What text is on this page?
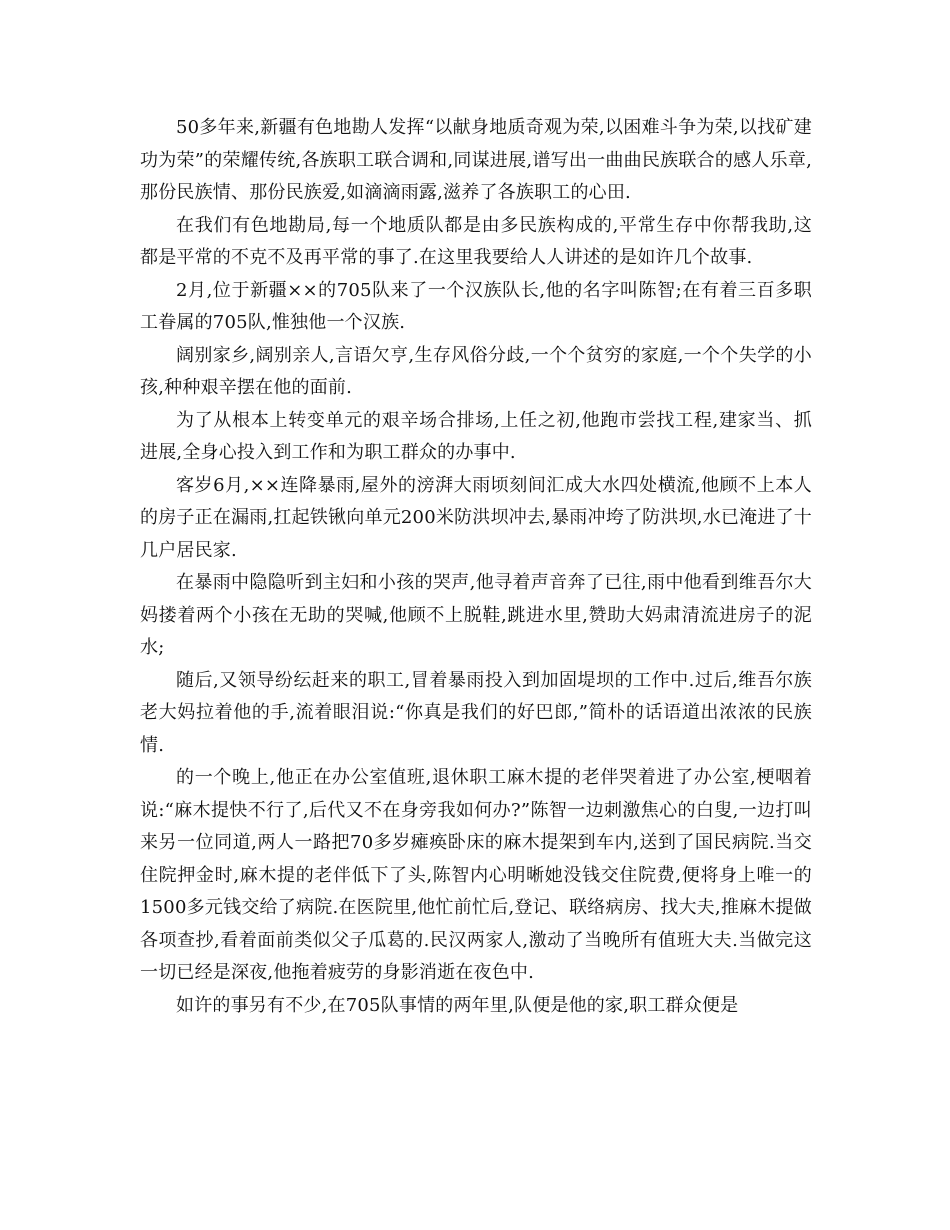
50多年来,新疆有色地勘人发挥“以献身地质奇观为荣,以困难斗争为荣,以找矿建功为荣”的荣耀传统,各族职工联合调和,同谋进展,谱写出一曲曲民族联合的感人乐章,那份民族情、那份民族爱,如滴滴雨露,滋养了各族职工的心田.

在我们有色地勘局,每一个地质队都是由多民族构成的,平常生存中你帮我助,这都是平常的不克不及再平常的事了.在这里我要给人人讲述的是如许几个故事.

2月,位于新疆××的705队来了一个汉族队长,他的名字叫陈智;在有着三百多职工眷属的705队,惟独他一个汉族.

阔别家乡,阔别亲人,言语欠亨,生存风俗分歧,一个个贫穷的家庭,一个个失学的小孩,种种艰辛摆在他的面前.

为了从根本上转变单元的艰辛场合排场,上任之初,他跑市尝找工程,建家当、抓进展,全身心投入到工作和为职工群众的办事中.

客岁6月,××连降暴雨,屋外的滂湃大雨顷刻间汇成大水四处横流,他顾不上本人的房子正在漏雨,扛起铁锹向单元200米防洪坝冲去,暴雨冲垮了防洪坝,水已淹进了十几户居民家.

在暴雨中隐隐听到主妇和小孩的哭声,他寻着声音奔了已往,雨中他看到维吾尔大妈搂着两个小孩在无助的哭喊,他顾不上脱鞋,跳进水里,赞助大妈肃清流进房子的泥水;

随后,又领导纷纭赶来的职工,冒着暴雨投入到加固堤坝的工作中.过后,维吾尔族老大妈拉着他的手,流着眼泪说:“你真是我们的好巴郎,”简朴的话语道出浓浓的民族情.

的一个晚上,他正在办公室值班,退休职工麻木提的老伴哭着进了办公室,梗咽着说:“麻木提快不行了,后代又不在身旁我如何办?”陈智一边刺激焦心的白叟,一边打叫来另一位同道,两人一路把70多岁瘫痪卧床的麻木提架到车内,送到了国民病院.当交住院押金时,麻木提的老伴低下了头,陈智内心明晰她没钱交住院费,便将身上唯一的1500多元钱交给了病院.在医院里,他忙前忙后,登记、联络病房、找大夫,推麻木提做各项查抄,看着面前类似父子瓜葛的.民汉两家人,激动了当晚所有值班大夫.当做完这一切已经是深夜,他拖着疲劳的身影消逝在夜色中.

如许的事另有不少,在705队事情的两年里,队便是他的家,职工群众便是
